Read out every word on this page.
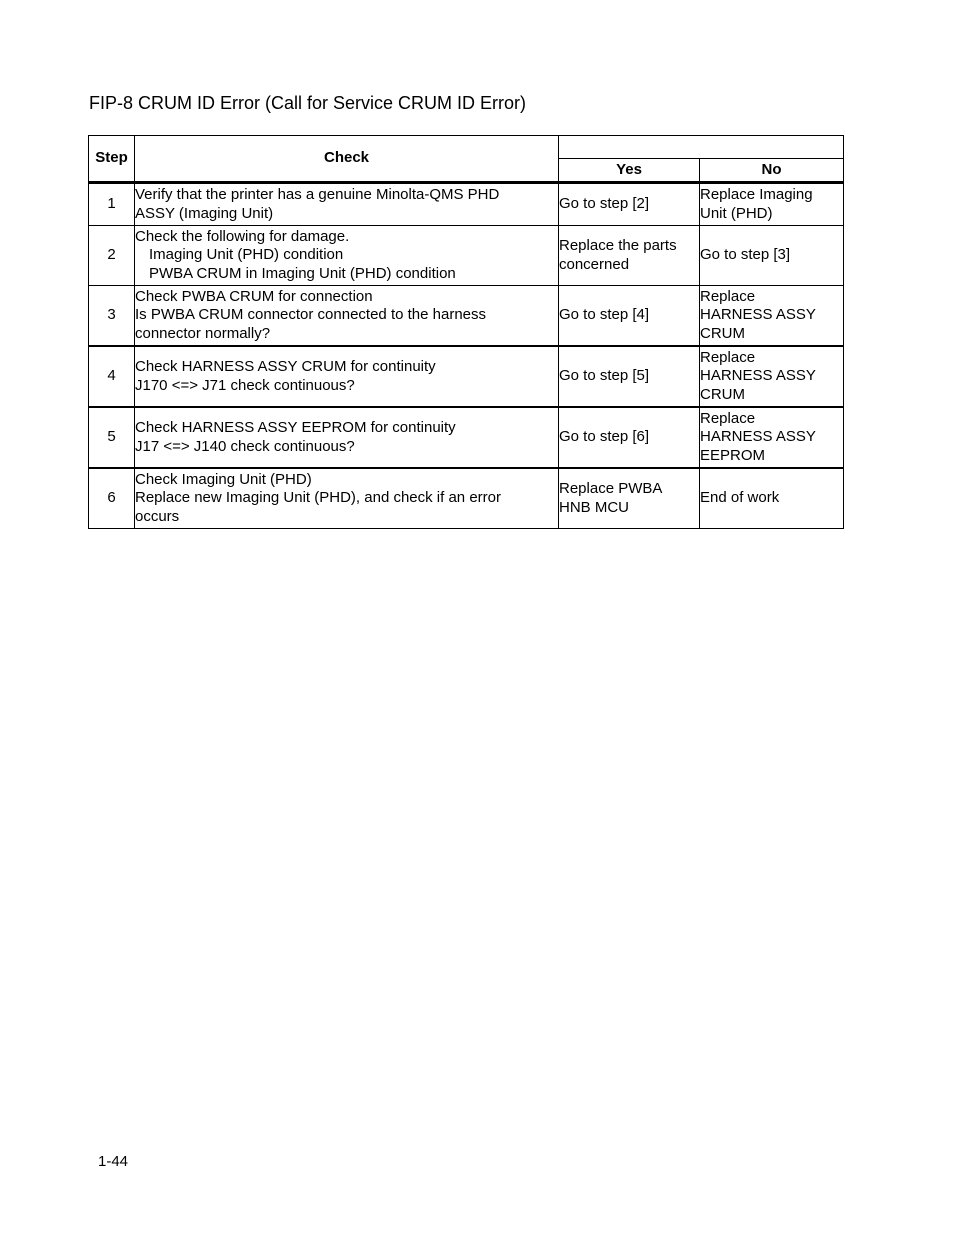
FIP-8 CRUM ID Error (Call for Service CRUM ID Error)
Step	Check		
		Yes	No
1	Verify that the printer has a genuine Minolta-QMS PHD
ASSY (Imaging Unit)	Go to step [2]	Replace Imaging
Unit (PHD)

2	Check the following for damage.
Imaging Unit (PHD) condition
PWBA CRUM in Imaging Unit (PHD) condition	Replace the parts
concerned	Go to step [3]

3	Check PWBA CRUM for connection
Is PWBA CRUM connector connected to the harness
connector normally?	Go to step [4]	Replace
HARNESS ASSY
CRUM

4	Check HARNESS ASSY CRUM for continuity
J170 <=> J71 check continuous?	Go to step [5]	Replace
HARNESS ASSY
CRUM

5	Check HARNESS ASSY EEPROM for continuity
J17 <=> J140 check continuous?	Go to step [6]	Replace
HARNESS ASSY
EEPROM

6	Check Imaging Unit (PHD)
Replace new Imaging Unit (PHD), and check if an error
occurs	Replace PWBA
HNB MCU	End of work
1-44
